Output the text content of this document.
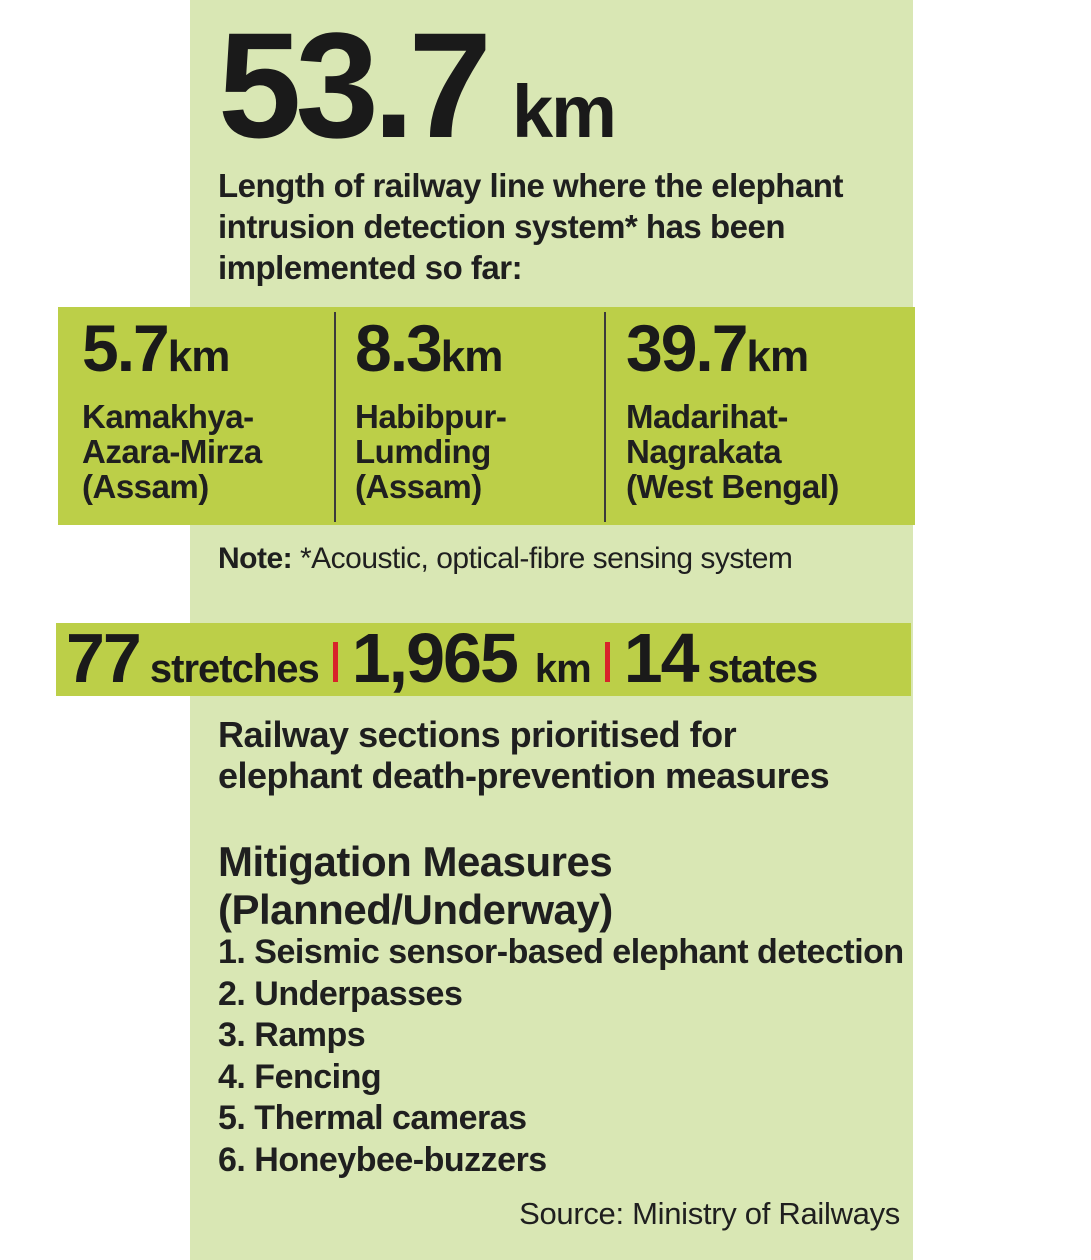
53.7 km
Length of railway line where the elephant intrusion detection system* has been implemented so far:
5.7km
Kamakhya-
Azara-Mirza
(Assam)
8.3km
Habibpur-
Lumding
(Assam)
39.7km
Madarihat-
Nagrakata
(West Bengal)
Note: *Acoustic, optical-fibre sensing system
77 stretches 1,965 km 14 states
Railway sections prioritised for elephant death-prevention measures
Mitigation Measures
(Planned/Underway)
1. Seismic sensor-based elephant detection
2. Underpasses
3. Ramps
4. Fencing
5. Thermal cameras
6. Honeybee-buzzers
Source: Ministry of Railways
